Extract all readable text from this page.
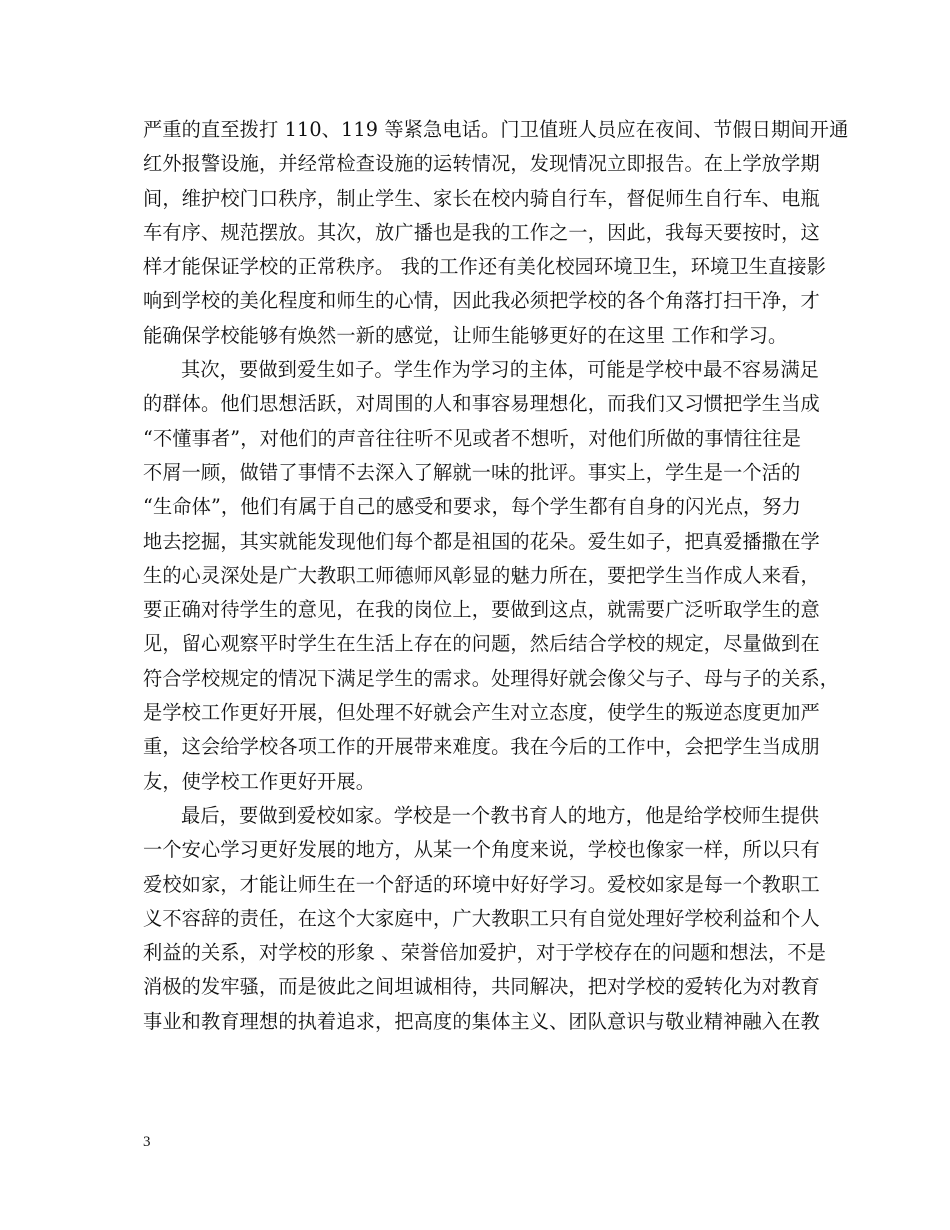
严重的直至拨打 110、119 等紧急电话。门卫值班人员应在夜间、节假日期间开通
红外报警设施，并经常检查设施的运转情况，发现情况立即报告。在上学放学期
间，维护校门口秩序，制止学生、家长在校内骑自行车，督促师生自行车、电瓶
车有序、规范摆放。其次，放广播也是我的工作之一，因此，我每天要按时，这
样才能保证学校的正常秩序。 我的工作还有美化校园环境卫生，环境卫生直接影
响到学校的美化程度和师生的心情，因此我必须把学校的各个角落打扫干净，才
能确保学校能够有焕然一新的感觉，让师生能够更好的在这里 工作和学习。
其次，要做到爱生如子。学生作为学习的主体，可能是学校中最不容易满足
的群体。他们思想活跃，对周围的人和事容易理想化，而我们又习惯把学生当成
“不懂事者”，对他们的声音往往听不见或者不想听，对他们所做的事情往往是
不屑一顾，做错了事情不去深入了解就一味的批评。事实上，学生是一个活的
“生命体”，他们有属于自己的感受和要求，每个学生都有自身的闪光点，努力
地去挖掘，其实就能发现他们每个都是祖国的花朵。爱生如子，把真爱播撒在学
生的心灵深处是广大教职工师德师风彰显的魅力所在，要把学生当作成人来看，
要正确对待学生的意见，在我的岗位上，要做到这点，就需要广泛听取学生的意
见，留心观察平时学生在生活上存在的问题，然后结合学校的规定，尽量做到在
符合学校规定的情况下满足学生的需求。处理得好就会像父与子、母与子的关系，
是学校工作更好开展，但处理不好就会产生对立态度，使学生的叛逆态度更加严
重，这会给学校各项工作的开展带来难度。我在今后的工作中，会把学生当成朋
友，使学校工作更好开展。
最后，要做到爱校如家。学校是一个教书育人的地方，他是给学校师生提供
一个安心学习更好发展的地方，从某一个角度来说，学校也像家一样，所以只有
爱校如家，才能让师生在一个舒适的环境中好好学习。爱校如家是每一个教职工
义不容辞的责任，在这个大家庭中，广大教职工只有自觉处理好学校利益和个人
利益的关系，对学校的形象 、荣誉倍加爱护，对于学校存在的问题和想法，不是
消极的发牢骚，而是彼此之间坦诚相待，共同解决，把对学校的爱转化为对教育
事业和教育理想的执着追求，把高度的集体主义、团队意识与敬业精神融入在教
3
